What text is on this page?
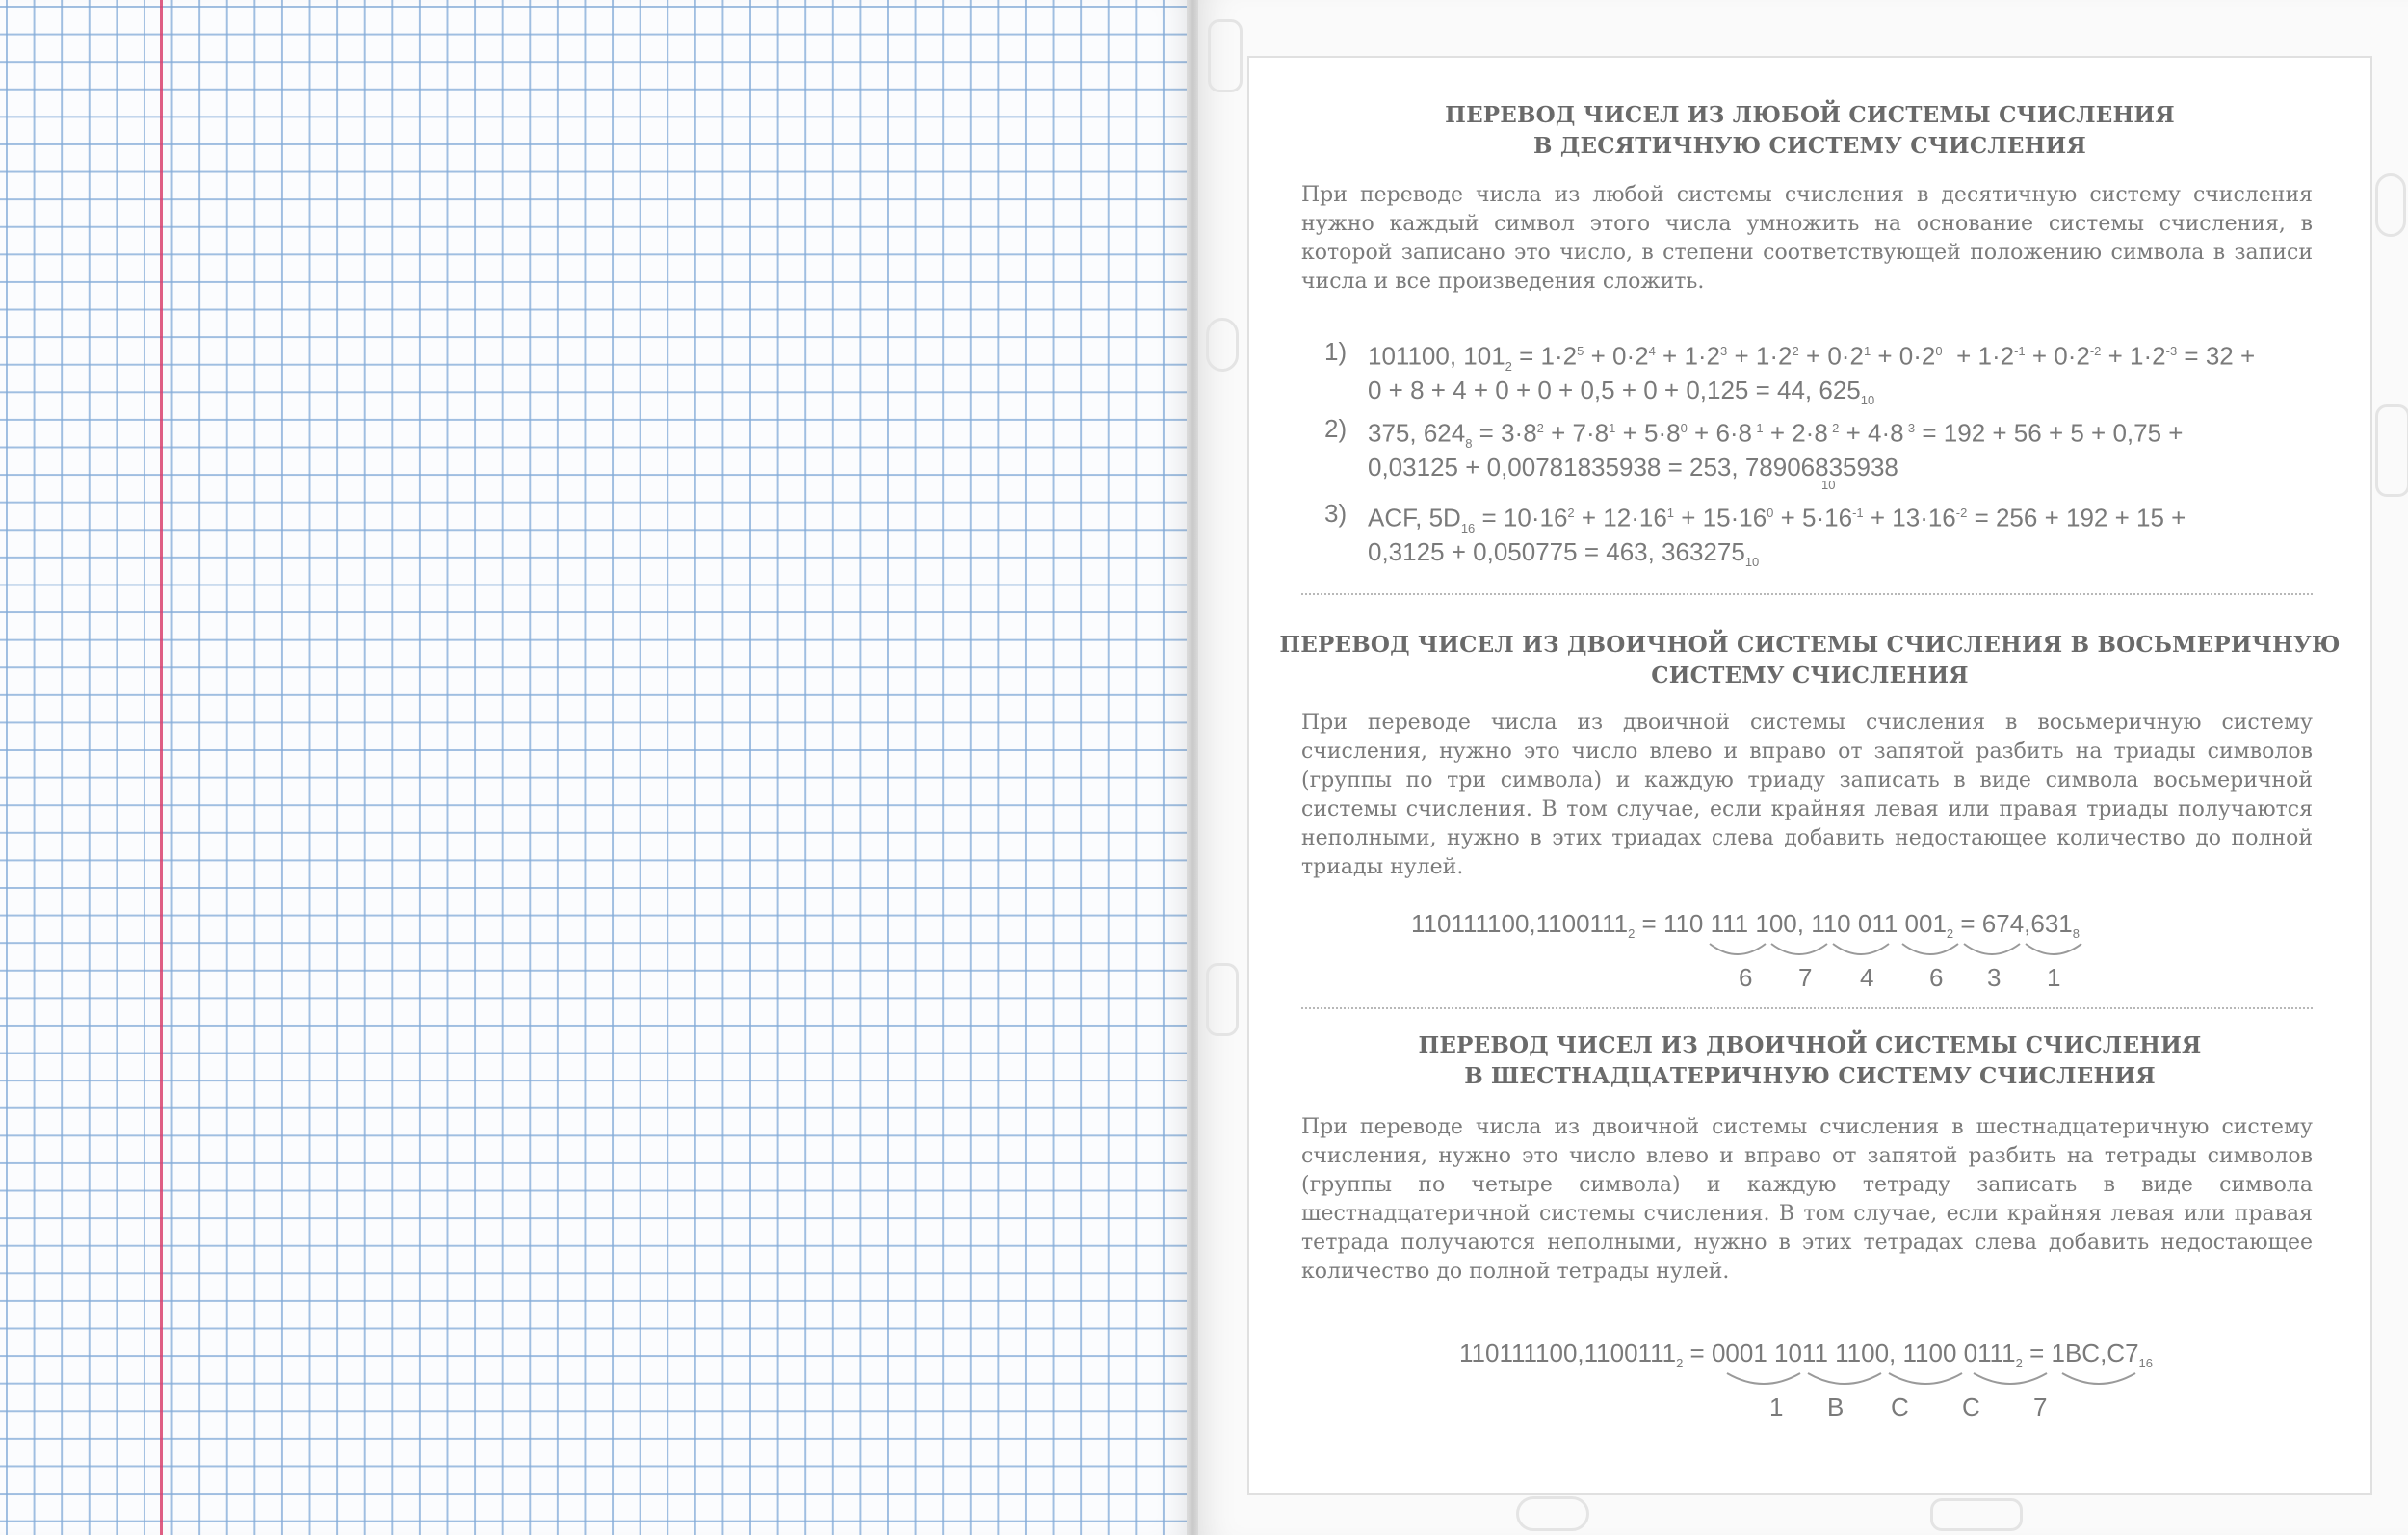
ПЕРЕВОД ЧИСЕЛ ИЗ ЛЮБОЙ СИСТЕМЫ СЧИСЛЕНИЯ
В ДЕСЯТИЧНУЮ СИСТЕМУ СЧИСЛЕНИЯ
При переводе числа из любой системы счисления в десятичную систему счисления нужно каждый символ этого числа умножить на основание системы счисления, в которой записано это число, в степени соответствующей положению символа в записи числа и все произведения сложить.
1) 101100, $101_2 = 1\cdot 2^5 + 0\cdot 2^4 + 1\cdot 2^3 + 1\cdot 2^2 + 0\cdot 2^1 + 0\cdot 2^0 + 1\cdot 2^{-1} + 0\cdot 2^{-2} + 1\cdot 2^{-3} = 32$ +
0 + 8 + 4 + 0 + 0 + 0,5 + 0 + 0,125 = 44, $625_{10}$
2) 375, $624_8 = 3\cdot 8^2 + 7\cdot 8^1 + 5\cdot 8^0 + 6\cdot 8^{-1} + 2\cdot 8^{-2} + 4\cdot 8^{-3} = 192 + 56 + 5 + 0,75$ +
0,03125 + 0,00781835938 = 253, 78906835938
10
3) ACF, $5D_{16} = 10\cdot 16^2 + 12\cdot 16^1 + 15\cdot 16^0 + 5\cdot 16^{-1} + 13\cdot 16^{-2} = 256 + 192 + 15$ +
0,3125 + 0,050775 = 463, $363275_{10}$
ПЕРЕВОД ЧИСЕЛ ИЗ ДВОИЧНОЙ СИСТЕМЫ СЧИСЛЕНИЯ В ВОСЬМЕРИЧНУЮ
СИСТЕМУ СЧИСЛЕНИЯ
При переводе числа из двоичной системы счисления в восьмеричную систему счисления, нужно это число влево и вправо от запятой разбить на триады символов (группы по три символа) и каждую триаду записать в виде символа восьмеричной системы счисления. В том случае, если крайняя левая или правая триады получаются неполными, нужно в этих триадах слева добавить недостающее количество до полной триады нулей.
$110111100,1100111_2 = 110$ 111 100, 110 011 $001_2 = 674,631_8$
6 7 4 6 3 1
ПЕРЕВОД ЧИСЕЛ ИЗ ДВОИЧНОЙ СИСТЕМЫ СЧИСЛЕНИЯ
В ШЕСТНАДЦАТЕРИЧНУЮ СИСТЕМУ СЧИСЛЕНИЯ
При переводе числа из двоичной системы счисления в шестнадцатеричную систему счисления, нужно это число влево и вправо от запятой разбить на тетрады символов (группы по четыре символа) и каждую тетраду записать в виде символа шестнадцатеричной системы счисления. В том случае, если крайняя левая или правая тетрада получаются неполными, нужно в этих тетрадах слева добавить недостающее количество до полной тетрады нулей.
$110111100,1100111_2 = 0001$ 1011 1100, 1100 $0111_2 = 1BC,C7_{16}$
1 B C C 7
